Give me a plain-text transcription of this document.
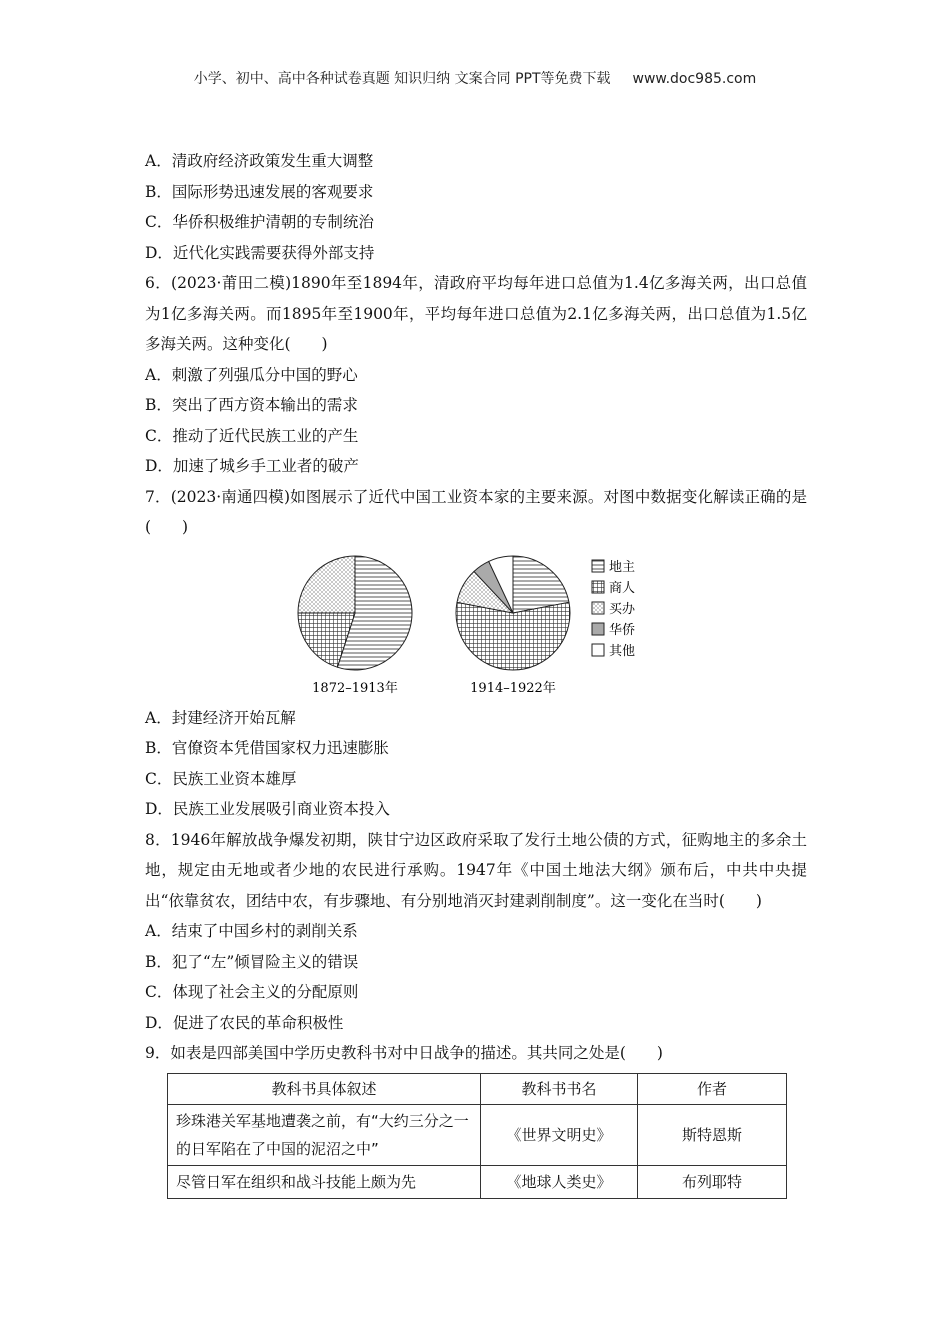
小学、初中、高中各种试卷真题 知识归纳 文案合同 PPT等免费下载 www.doc985.com
A．清政府经济政策发生重大调整
B．国际形势迅速发展的客观要求
C．华侨积极维护清朝的专制统治
D．近代化实践需要获得外部支持
6．(2023·莆田二模)1890年至1894年，清政府平均每年进口总值为1.4亿多海关两，出口总值为1亿多海关两。而1895年至1900年，平均每年进口总值为2.1亿多海关两，出口总值为1.5亿多海关两。这种变化(　　)
A．刺激了列强瓜分中国的野心
B．突出了西方资本输出的需求
C．推动了近代民族工业的产生
D．加速了城乡手工业者的破产
7．(2023·南通四模)如图展示了近代中国工业资本家的主要来源。对图中数据变化解读正确的是(　　)
1872–1913年	1914–1922年
地主
商人
买办
华侨
其他
A．封建经济开始瓦解
B．官僚资本凭借国家权力迅速膨胀
C．民族工业资本雄厚
D．民族工业发展吸引商业资本投入
8．1946年解放战争爆发初期，陕甘宁边区政府采取了发行土地公债的方式，征购地主的多余土地，规定由无地或者少地的农民进行承购。1947年《中国土地法大纲》颁布后，中共中央提出“依靠贫农，团结中农，有步骤地、有分别地消灭封建剥削制度”。这一变化在当时(　　)
A．结束了中国乡村的剥削关系
B．犯了“左”倾冒险主义的错误
C．体现了社会主义的分配原则
D．促进了农民的革命积极性
9．如表是四部美国中学历史教科书对中日战争的描述。其共同之处是(　　)
教科书具体叙述	教科书书名	作者
珍珠港关军基地遭袭之前，有“大约三分之一的日军陷在了中国的泥沼之中”	《世界文明史》	斯特恩斯
尽管日军在组织和战斗技能上颇为先	《地球人类史》	布列耶特
